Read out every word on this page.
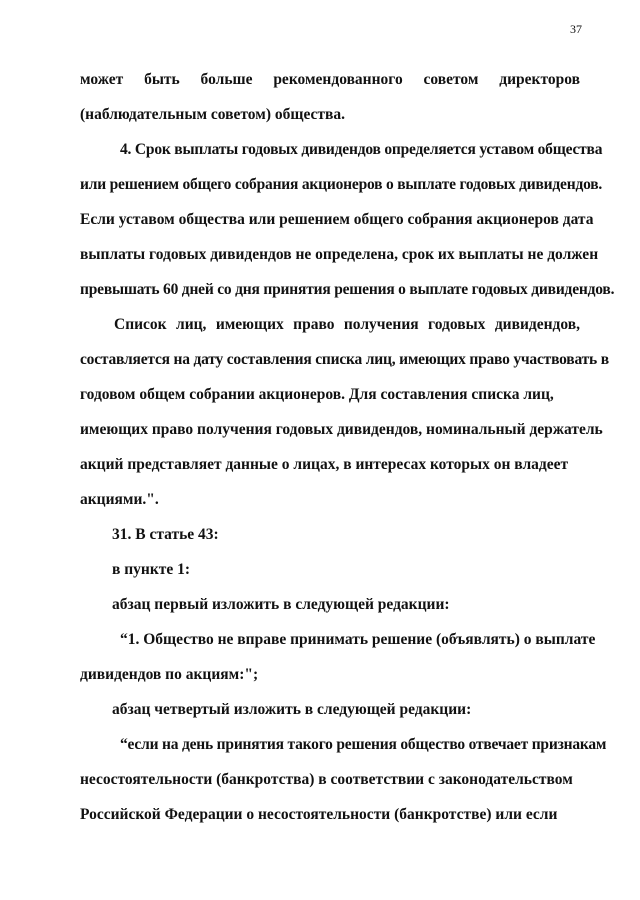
37
может быть больше рекомендованного советом директоров
(наблюдательным советом) общества.
4. Срок выплаты годовых дивидендов определяется уставом общества
или решением общего собрания акционеров о выплате годовых дивидендов.
Если уставом общества или решением общего собрания акционеров дата
выплаты годовых дивидендов не определена, срок их выплаты не должен
превышать 60 дней со дня принятия решения о выплате годовых дивидендов.
Список лиц, имеющих право получения годовых дивидендов,
составляется на дату составления списка лиц, имеющих право участвовать в
годовом общем собрании акционеров. Для составления списка лиц,
имеющих право получения годовых дивидендов, номинальный держатель
акций представляет данные о лицах, в интересах которых он владеет
акциями.".
31. В статье 43:
в пункте 1:
абзац первый изложить в следующей редакции:
“1. Общество не вправе принимать решение (объявлять) о выплате
дивидендов по акциям:";
абзац четвертый изложить в следующей редакции:
“если на день принятия такого решения общество отвечает признакам
несостоятельности (банкротства) в соответствии с законодательством
Российской Федерации о несостоятельности (банкротстве) или если
